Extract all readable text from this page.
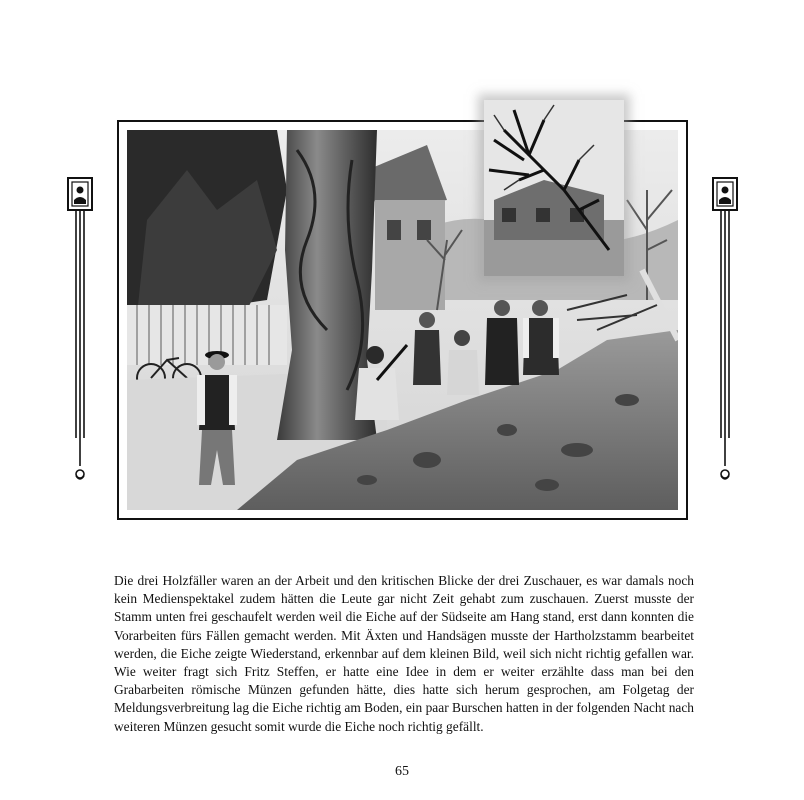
Die drei Holzfäller waren an der Arbeit und den kritischen Blicke der drei Zuschauer, es war damals noch kein Medienspektakel zudem hätten die Leute gar nicht Zeit gehabt zum zuschauen. Zuerst musste der Stamm unten frei geschaufelt werden weil die Eiche auf der Südseite am Hang stand, erst dann konnten die Vorarbeiten fürs Fällen gemacht werden. Mit Äxten und Handsägen musste der Hartholzstamm bearbeitet werden, die Eiche zeigte Wiederstand, erkennbar auf dem kleinen Bild, weil sich nicht richtig gefallen war. Wie weiter fragt sich Fritz Steffen, er hatte eine Idee in dem er weiter erzählte dass man bei den Grabarbeiten römische Münzen gefunden hätte, dies hatte sich herum gesprochen, am Folgetag der Meldungsverbreitung lag die Eiche richtig am Boden, ein paar Burschen hatten in der folgenden Nacht nach weiteren Münzen gesucht somit wurde die Eiche noch richtig gefällt.

65
